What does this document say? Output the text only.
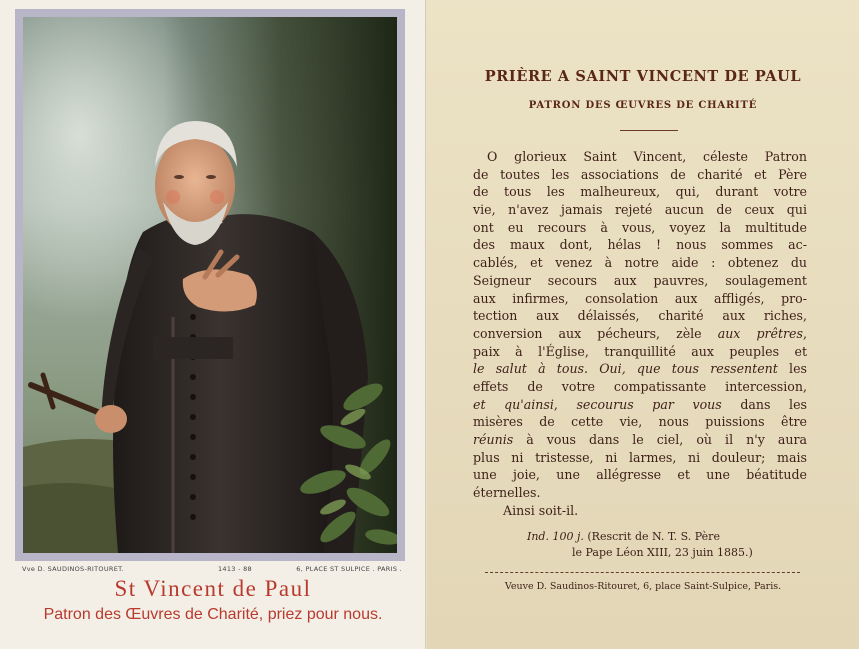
Vve D. SAUDINOS-RITOURET.	1413 - 88	6, PLACE ST SULPICE . PARIS .
St Vincent de Paul
Patron des Œuvres de Charité, priez pour nous.
PRIÈRE A SAINT VINCENT DE PAUL
PATRON DES ŒUVRES DE CHARITÉ
O glorieux Saint Vincent, céleste Patron
de toutes les associations de charité et Père
de tous les malheureux, qui, durant votre
vie, n'avez jamais rejeté aucun de ceux qui
ont eu recours à vous, voyez la multitude
des maux dont, hélas ! nous sommes ac-
cablés, et venez à notre aide : obtenez du
Seigneur secours aux pauvres, soulagement
aux infirmes, consolation aux affligés, pro-
tection aux délaissés, charité aux riches,
conversion aux pécheurs, zèle aux prêtres,
paix à l'Église, tranquillité aux peuples et
le salut à tous. Oui, que tous ressentent les
effets de votre compatissante intercession,
et qu'ainsi, secourus par vous dans les
misères de cette vie, nous puissions être
réunis à vous dans le ciel, où il n'y aura
plus ni tristesse, ni larmes, ni douleur; mais
une joie, une allégresse et une béatitude
éternelles.
Ainsi soit-il.
Ind. 100 j. (Rescrit de N. T. S. Père
le Pape Léon XIII, 23 juin 1885.)
Veuve D. Saudinos-Ritouret, 6, place Saint-Sulpice, Paris.
